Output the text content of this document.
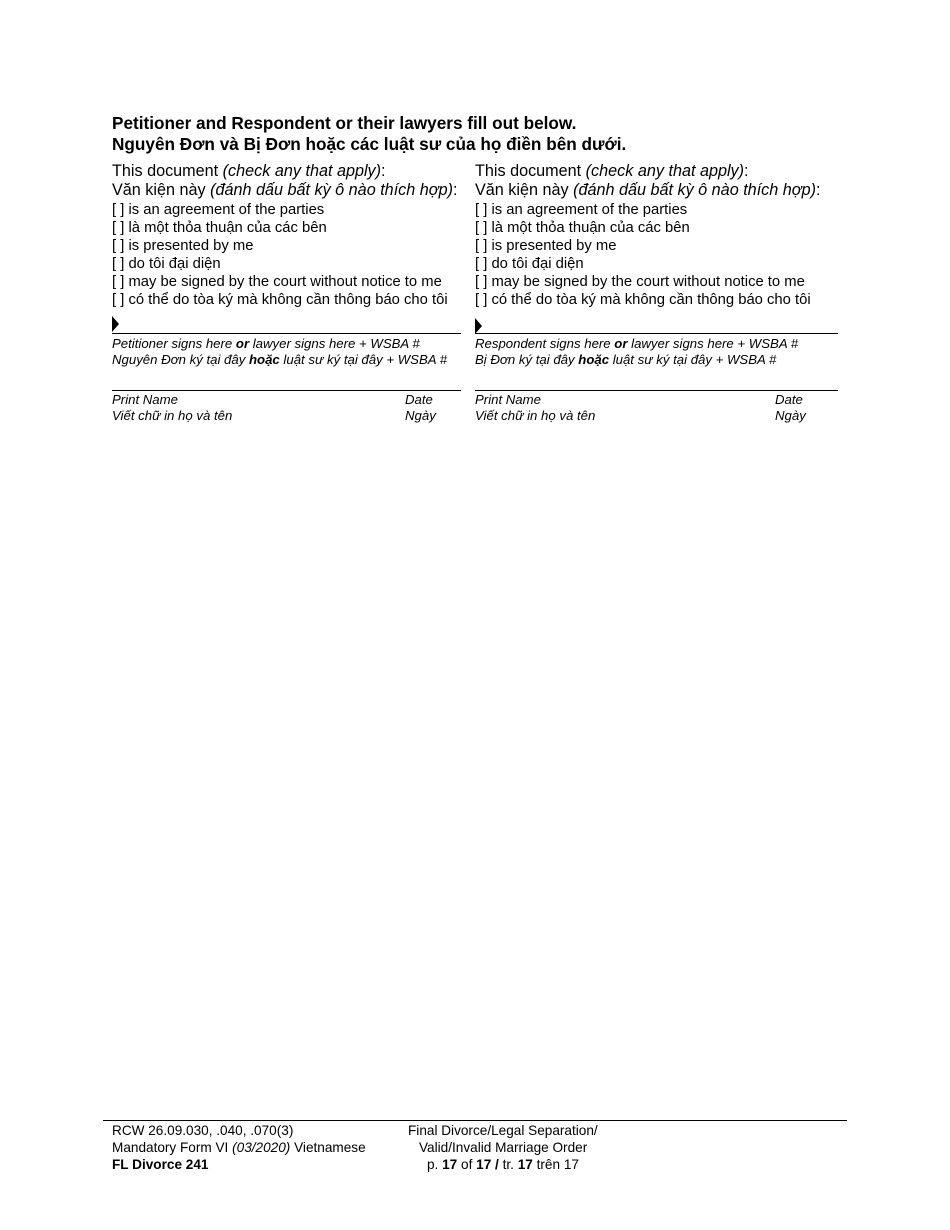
Petitioner and Respondent or their lawyers fill out below.
Nguyên Đơn và Bị Đơn hoặc các luật sư của họ điền bên dưới.
This document (check any that apply):
Văn kiện này (đánh dấu bất kỳ ô nào thích hợp):
[ ] is an agreement of the parties
[ ] là một thỏa thuận của các bên
[ ] is presented by me
[ ] do tôi đại diện
[ ] may be signed by the court without notice to me
[ ] có thể do tòa ký mà không cần thông báo cho tôi
Petitioner signs here or lawyer signs here + WSBA #
Nguyên Đơn ký tại đây hoặc luật sư ký tại đây + WSBA #
Print Name
Viết chữ in họ và tên
Date
Ngày
This document (check any that apply):
Văn kiện này (đánh dấu bất kỳ ô nào thích hợp):
[ ] is an agreement of the parties
[ ] là một thỏa thuận của các bên
[ ] is presented by me
[ ] do tôi đại diện
[ ] may be signed by the court without notice to me
[ ] có thể do tòa ký mà không cần thông báo cho tôi
Respondent signs here or lawyer signs here + WSBA #
Bị Đơn ký tại đây hoặc luật sư ký tại đây + WSBA #
Print Name
Viết chữ in họ và tên
Date
Ngày
RCW 26.09.030, .040, .070(3)
Mandatory Form VI (03/2020) Vietnamese
FL Divorce 241
Final Divorce/Legal Separation/
Valid/Invalid Marriage Order
p. 17 of 17 / tr. 17 trên 17
